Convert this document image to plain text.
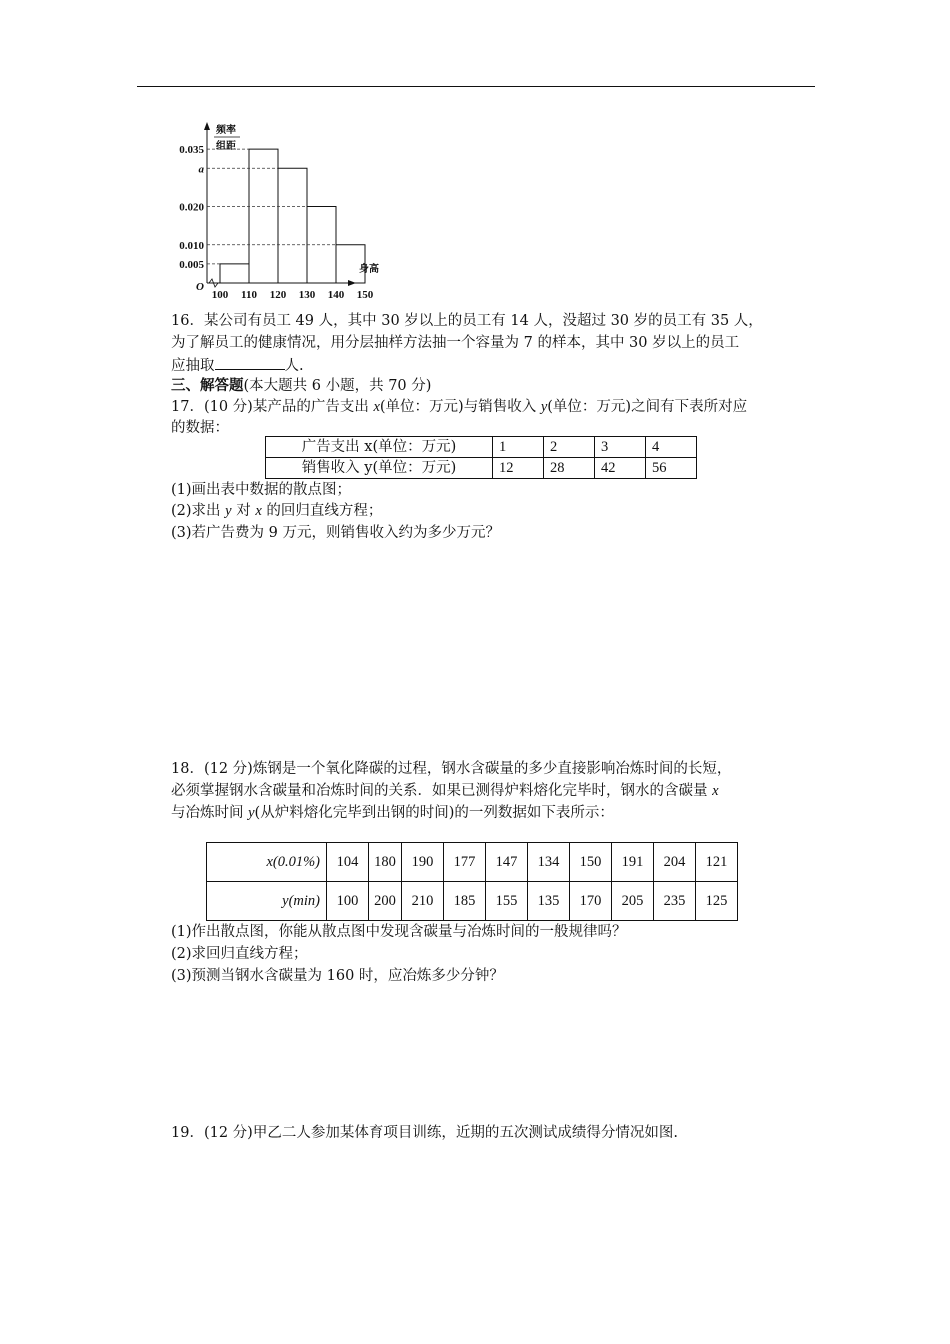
频率
组距
身高
O
0.035
a
0.020
0.010
0.005
100 110 120 130 140 150
16．某公司有员工 49 人，其中 30 岁以上的员工有 14 人，没超过 30 岁的员工有 35 人，
为了解员工的健康情况，用分层抽样方法抽一个容量为 7 的样本，其中 30 岁以上的员工
应抽取	人.
三、解答题(本大题共 6 小题，共 70 分)
17．(10 分)某产品的广告支出 x(单位：万元)与销售收入 y(单位：万元)之间有下表所对应
的数据：
广告支出 x(单位：万元)	1	2	3	4
销售收入 y(单位：万元)	12	28	42	56
(1)画出表中数据的散点图；
(2)求出 y 对 x 的回归直线方程；
(3)若广告费为 9 万元，则销售收入约为多少万元？
18．(12 分)炼钢是一个氧化降碳的过程，钢水含碳量的多少直接影响冶炼时间的长短，
必须掌握钢水含碳量和冶炼时间的关系．如果已测得炉料熔化完毕时，钢水的含碳量 x
与冶炼时间 y(从炉料熔化完毕到出钢的时间)的一列数据如下表所示：
x(0.01%)	104	180	190	177	147	134	150	191	204	121
y(min)	100	200	210	185	155	135	170	205	235	125
(1)作出散点图，你能从散点图中发现含碳量与冶炼时间的一般规律吗？
(2)求回归直线方程；
(3)预测当钢水含碳量为 160 时，应冶炼多少分钟？
19．(12 分)甲乙二人参加某体育项目训练，近期的五次测试成绩得分情况如图.
